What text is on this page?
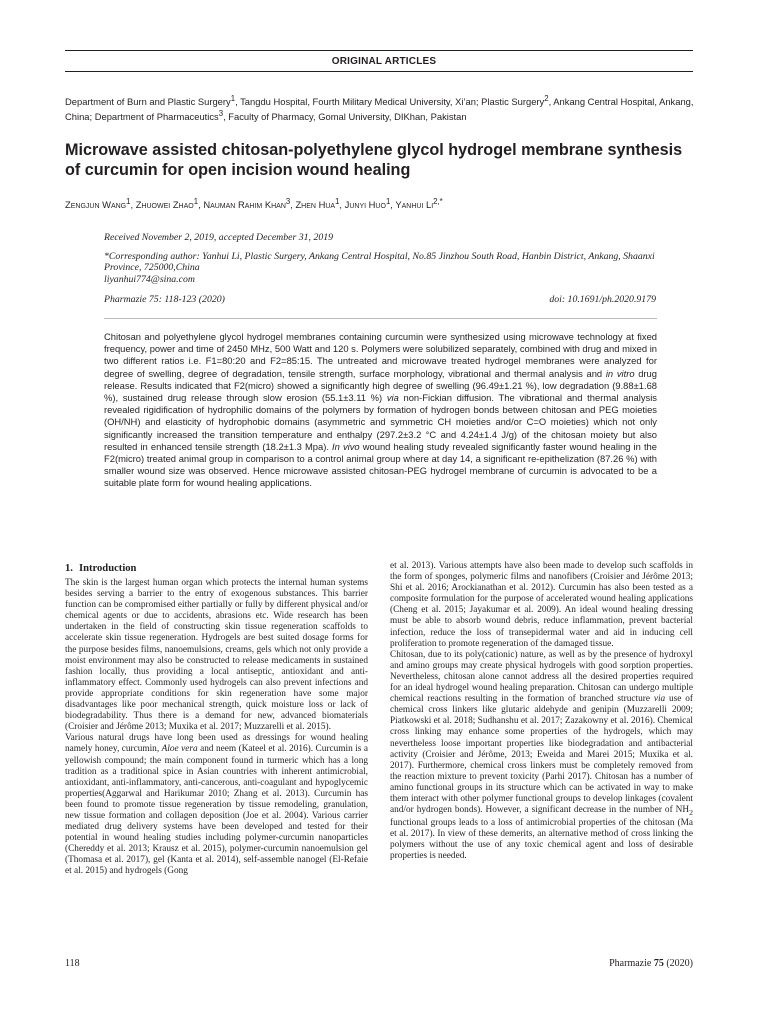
ORIGINAL ARTICLES
Department of Burn and Plastic Surgery$^1$, Tangdu Hospital, Fourth Military Medical University, Xi’an; Plastic Surgery$^2$, Ankang Central Hospital, Ankang, China; Department of Pharmaceutics$^3$, Faculty of Pharmacy, Gomal University, DIKhan, Pakistan
Microwave assisted chitosan-polyethylene glycol hydrogel membrane synthesis of curcumin for open incision wound healing
Zengjun Wang$^1$, Zhuowei Zhao$^1$, Nauman Rahim Khan$^3$, Zhen Hua$^1$, Junyi Huo$^1$, Yanhui $Li^{2,*}$
Received November 2, 2019, accepted December 31, 2019
*Corresponding author: Yanhui Li, Plastic Surgery, Ankang Central Hospital, No.85 Jinzhou South Road, Hanbin District, Ankang, Shaanxi Province, 725000,China
liyanhui774@sina.com
Pharmazie 75: 118-123 (2020)	doi: 10.1691/ph.2020.9179
Chitosan and polyethylene glycol hydrogel membranes containing curcumin were synthesized using microwave technology at fixed frequency, power and time of 2450 MHz, 500 Watt and 120 s. Polymers were solubilized separately, combined with drug and mixed in two different ratios i.e. F1=80:20 and F2=85:15. The untreated and microwave treated hydrogel membranes were analyzed for degree of swelling, degree of degradation, tensile strength, surface morphology, vibrational and thermal analysis and in vitro drug release. Results indicated that F2(micro) showed a significantly high degree of swelling (96.49±1.21 %), low degradation (9.88±1.68 %), sustained drug release through slow erosion (55.1±3.11 %) via non-Fickian diffusion. The vibrational and thermal analysis revealed rigidification of hydrophilic domains of the polymers by formation of hydrogen bonds between chitosan and PEG moieties (OH/NH) and elasticity of hydrophobic domains (asymmetric and symmetric CH moieties and/or C=O moieties) which not only significantly increased the transition temperature and enthalpy (297.2±3.2 °C and 4.24±1.4 J/g) of the chitosan moiety but also resulted in enhanced tensile strength (18.2±1.3 Mpa). In vivo wound healing study revealed significantly faster wound healing in the F2(micro) treated animal group in comparison to a control animal group where at day 14, a significant re-epithelization (87.26 %) with smaller wound size was observed. Hence microwave assisted chitosan-PEG hydrogel membrane of curcumin is advocated to be a suitable plate form for wound healing applications.
1. Introduction

The skin is the largest human organ which protects the internal human systems besides serving a barrier to the entry of exogenous substances. This barrier function can be compromised either partially or fully by different physical and/or chemical agents or due to accidents, abrasions etc. Wide research has been undertaken in the field of constructing skin tissue regeneration scaffolds to accelerate skin tissue regeneration. Hydrogels are best suited dosage forms for the purpose besides films, nanoemulsions, creams, gels which not only provide a moist environment may also be constructed to release medicaments in sustained fashion locally, thus providing a local antiseptic, antioxidant and anti-inflammatory effect. Commonly used hydrogels can also prevent infections and provide appropriate conditions for skin regeneration have some major disadvantages like poor mechanical strength, quick moisture loss or lack of biodegradability. Thus there is a demand for new, advanced biomaterials (Croisier and Jérôme 2013; Muxika et al. 2017; Muzzarelli et al. 2015).

Various natural drugs have long been used as dressings for wound healing namely honey, curcumin, Aloe vera and neem (Kateel et al. 2016). Curcumin is a yellowish compound; the main component found in turmeric which has a long tradition as a traditional spice in Asian countries with inherent antimicrobial, antioxidant, anti-inflammatory, anti-cancerous, anti-coagulant and hypoglycemic properties(Aggarwal and Harikumar 2010; Zhang et al. 2013). Curcumin has been found to promote tissue regeneration by tissue remodeling, granulation, new tissue formation and collagen deposition (Joe et al. 2004). Various carrier mediated drug delivery systems have been developed and tested for their potential in wound healing studies including polymer-curcumin nanoparticles (Chereddy et al. 2013; Krausz et al. 2015), polymer-curcumin nanoemulsion gel (Thomasa et al. 2017), gel (Kanta et al. 2014), self-assemble nanogel (El-Refaie et al. 2015) and hydrogels (Gong

et al. 2013). Various attempts have also been made to develop such scaffolds in the form of sponges, polymeric films and nanofibers (Croisier and Jérôme 2013; Shi et al. 2016; Arockianathan et al. 2012). Curcumin has also been tested as a composite formulation for the purpose of accelerated wound healing applications (Cheng et al. 2015; Jayakumar et al. 2009). An ideal wound healing dressing must be able to absorb wound debris, reduce inflammation, prevent bacterial infection, reduce the loss of transepidermal water and aid in inducing cell proliferation to promote regeneration of the damaged tissue.

Chitosan, due to its poly(cationic) nature, as well as by the presence of hydroxyl and amino groups may create physical hydrogels with good sorption properties. Nevertheless, chitosan alone cannot address all the desired properties required for an ideal hydrogel wound healing preparation. Chitosan can undergo multiple chemical reactions resulting in the formation of branched structure via use of chemical cross linkers like glutaric aldehyde and genipin (Muzzarelli 2009; Piatkowski et al. 2018; Sudhanshu et al. 2017; Zazakowny et al. 2016). Chemical cross linking may enhance some properties of the hydrogels, which may nevertheless loose important properties like biodegradation and antibacterial activity (Croisier and Jérôme, 2013; Eweida and Marei 2015; Muxika et al. 2017). Furthermore, chemical cross linkers must be completely removed from the reaction mixture to prevent toxicity (Parhi 2017). Chitosan has a number of amino functional groups in its structure which can be activated in way to make them interact with other polymer functional groups to develop linkages (covalent and/or hydrogen bonds). However, a significant decrease in the number of $NH_2$ functional groups leads to a loss of antimicrobial properties of the chitosan (Ma et al. 2017). In view of these demerits, an alternative method of cross linking the polymers without the use of any toxic chemical agent and loss of desirable properties is needed.

118	Pharmazie 75 (2020)
